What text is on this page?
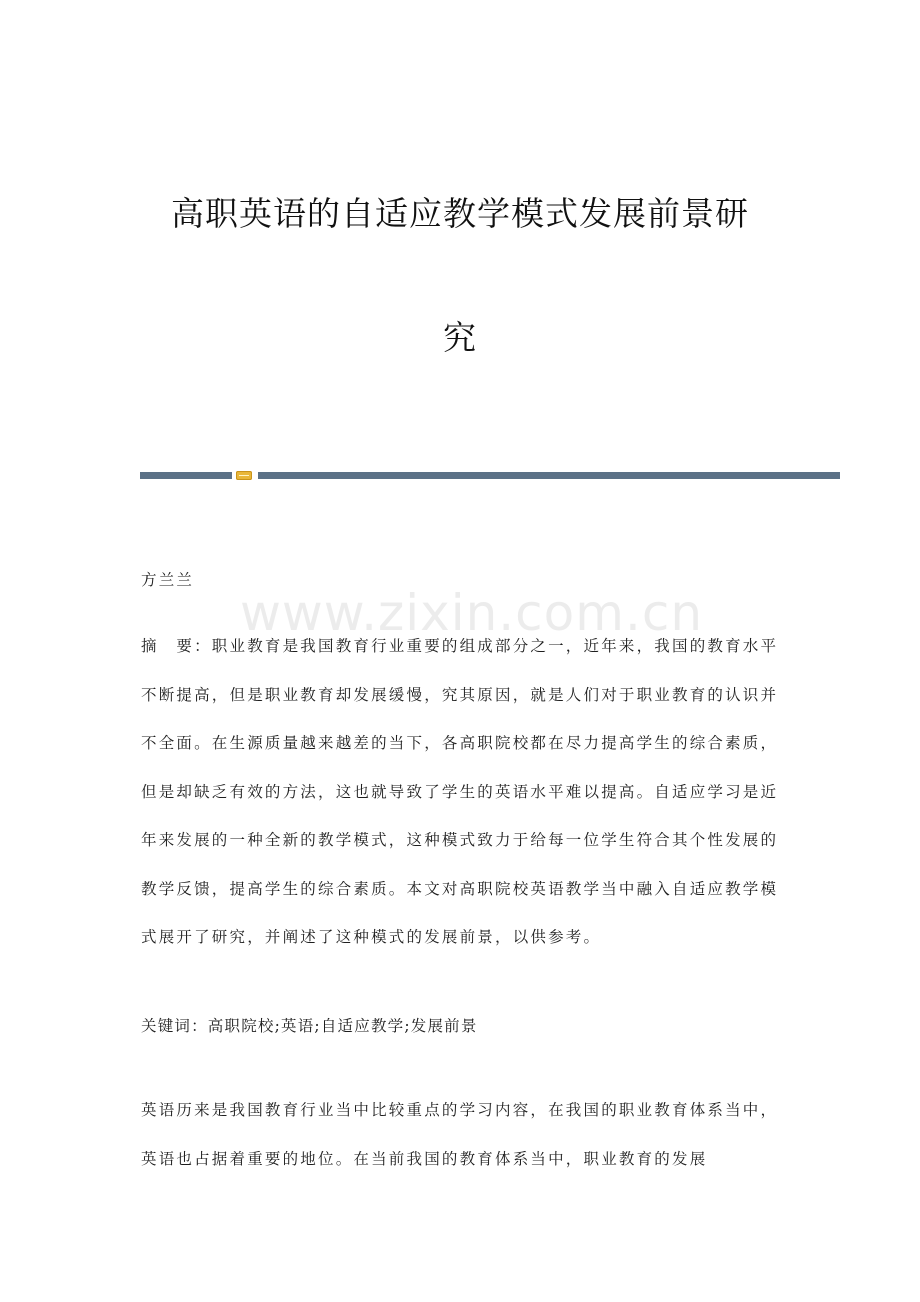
高职英语的自适应教学模式发展前景研
究
www.zixin.com.cn

方兰兰

摘　要：职业教育是我国教育行业重要的组成部分之一，近年来，我国的教育水平不断提高，但是职业教育却发展缓慢，究其原因，就是人们对于职业教育的认识并不全面。在生源质量越来越差的当下，各高职院校都在尽力提高学生的综合素质，但是却缺乏有效的方法，这也就导致了学生的英语水平难以提高。自适应学习是近年来发展的一种全新的教学模式，这种模式致力于给每一位学生符合其个性发展的教学反馈，提高学生的综合素质。本文对高职院校英语教学当中融入自适应教学模式展开了研究，并阐述了这种模式的发展前景，以供参考。

关键词：高职院校;英语;自适应教学;发展前景

英语历来是我国教育行业当中比较重点的学习内容，在我国的职业教育体系当中，英语也占据着重要的地位。在当前我国的教育体系当中，职业教育的发展
